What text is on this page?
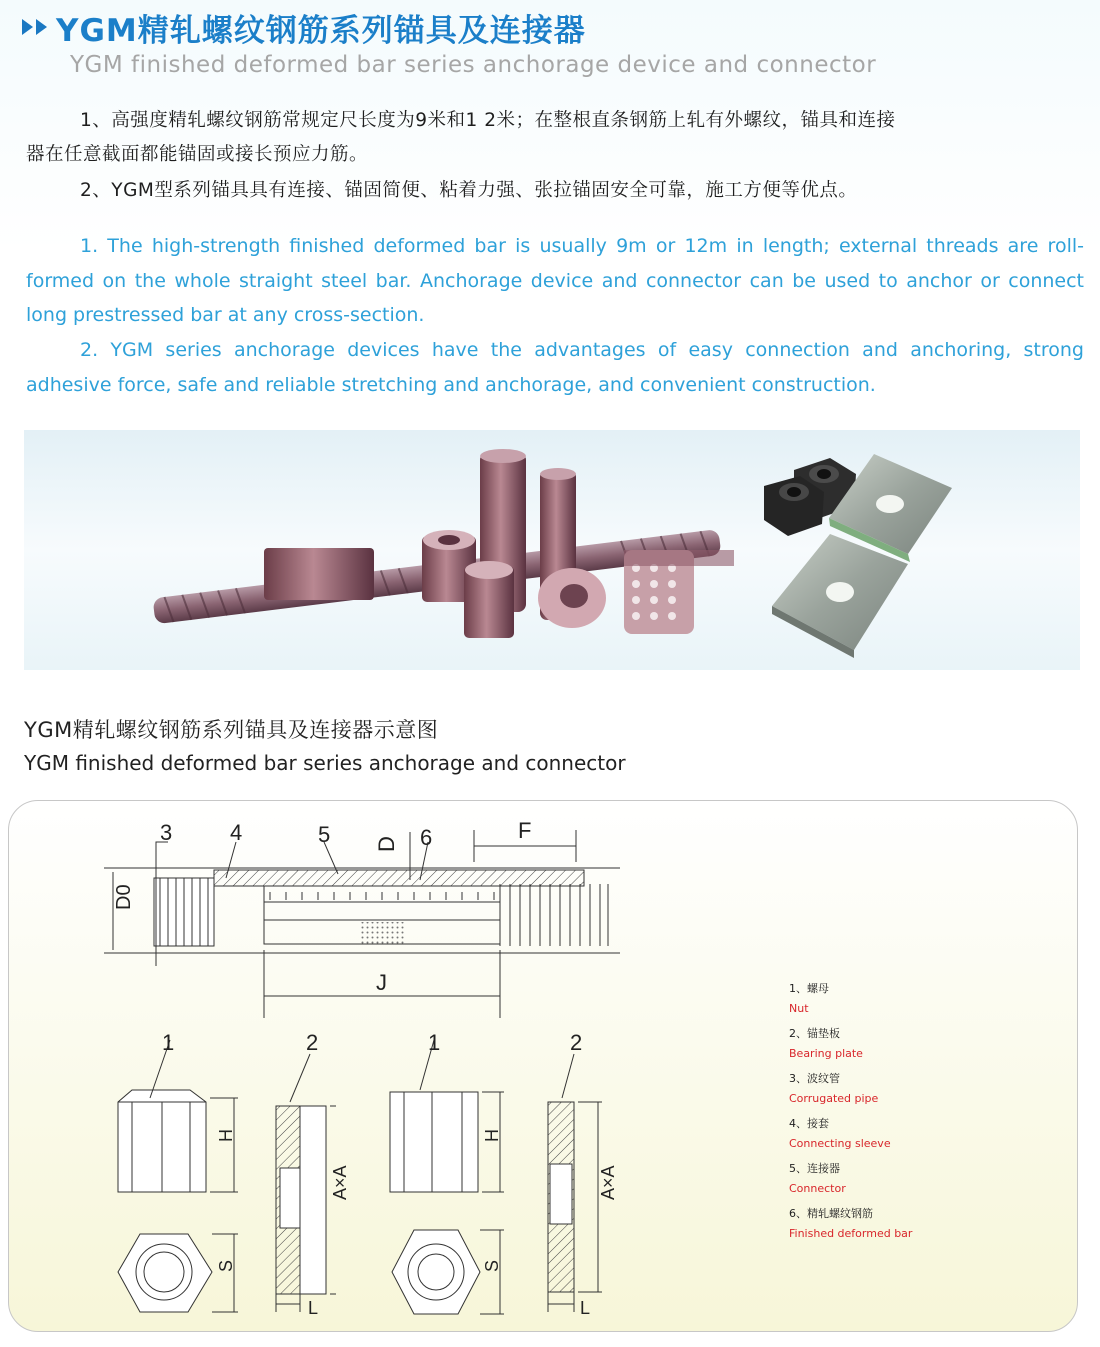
YGM精轧螺纹钢筋系列锚具及连接器
YGM finished deformed bar series anchorage device and connector
1、高强度精轧螺纹钢筋常规定尺长度为9米和1 2米；在整根直条钢筋上轧有外螺纹，锚具和连接
器在任意截面都能锚固或接长预应力筋。
2、YGM型系列锚具具有连接、锚固简便、粘着力强、张拉锚固安全可靠，施工方便等优点。
1. The high-strength finished deformed bar is usually 9m or 12m in length; external threads are roll-formed on the whole straight steel bar. Anchorage device and connector can be used to anchor or connect long prestressed bar at any cross-section.
2. YGM series anchorage devices have the advantages of easy connection and anchoring, strong adhesive force, safe and reliable stretching and anchorage, and convenient construction.
YGM精轧螺纹钢筋系列锚具及连接器示意图
YGM finished deformed bar series anchorage and connector
3	4	5 D 6	F
D0
J
1	2	1	2
H	H
A×A	A×A
S	S
L	L
1、螺母
Nut
2、锚垫板
Bearing plate
3、波纹管
Corrugated pipe
4、接套
Connecting sleeve
5、连接器
Connector
6、精轧螺纹钢筋
Finished deformed bar
